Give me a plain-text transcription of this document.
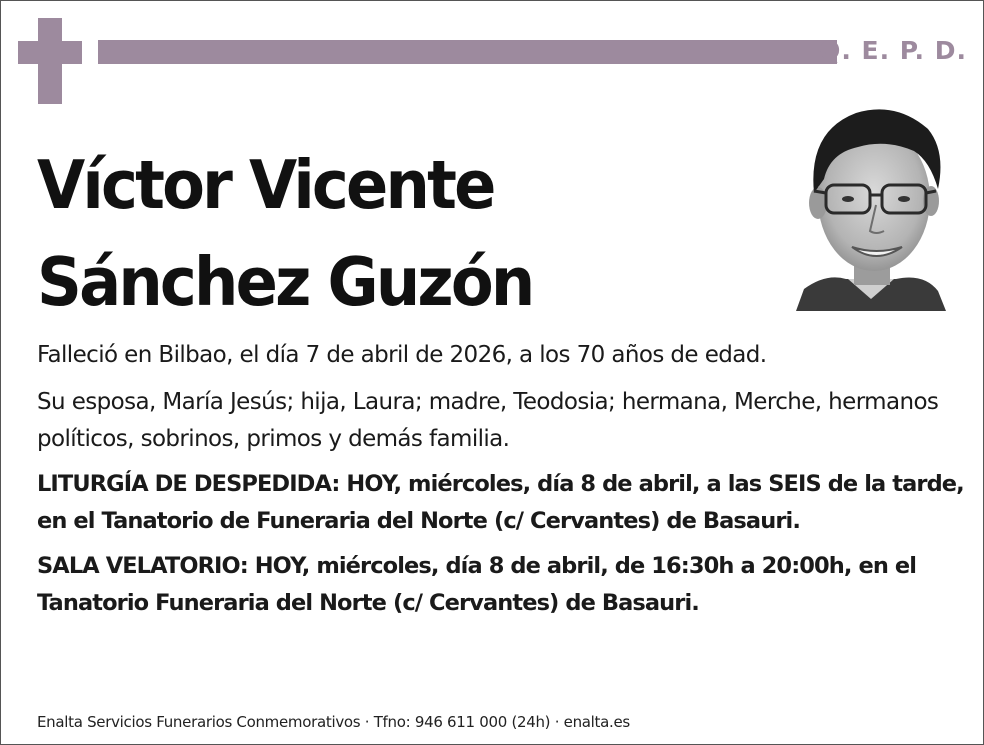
Q. E. P. D.
Víctor Vicente
Sánchez Guzón

Falleció en Bilbao, el día 7 de abril de 2026, a los 70 años de edad.

Su esposa, María Jesús; hija, Laura; madre, Teodosia; hermana, Merche, hermanos políticos, sobrinos, primos y demás familia.

LITURGÍA DE DESPEDIDA: HOY, miércoles, día 8 de abril, a las SEIS de la tarde, en el Tanatorio de Funeraria del Norte (c/ Cervantes) de Basauri.

SALA VELATORIO: HOY, miércoles, día 8 de abril, de 16:30h a 20:00h, en el Tanatorio Funeraria del Norte (c/ Cervantes) de Basauri.

Enalta Servicios Funerarios Conmemorativos · Tfno: 946 611 000 (24h) · enalta.es
